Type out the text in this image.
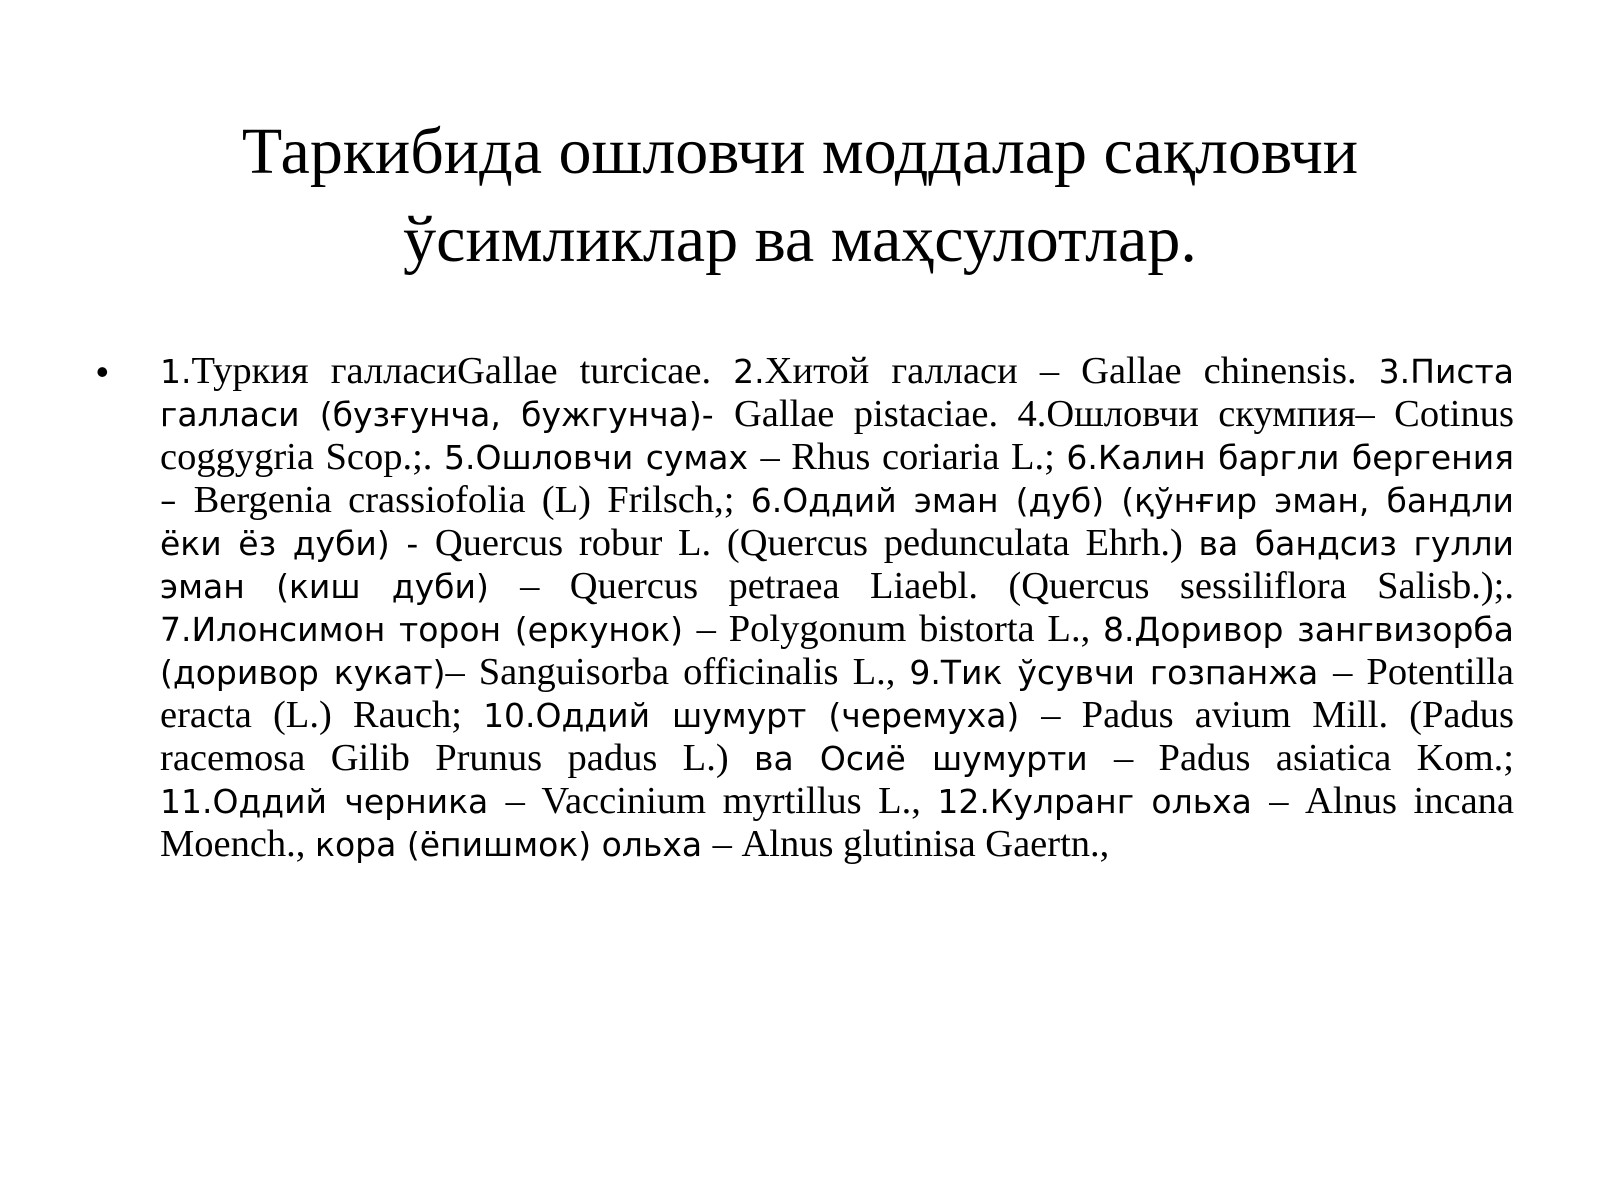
Таркибида ошловчи моддалар сақловчи
ўсимликлар ва маҳсулотлар.
• 1.Туркия галласиGallae turcicae. 2.Хитой галласи – Gallae chinensis. 3.Писта галласи (бузғунча, бужгунча)- Gallae pistaciae. 4.Ошловчи скумпия– Cotinus coggygria Scop.;. 5.Ошловчи сумах – Rhus coriaria L.; 6.Калин баргли бергения – Bergenia crassiofolia (L) Frilsch,; 6.Оддий эман (дуб) (қўнғир эман, бандли ёки ёз дуби) - Quercus robur L. (Quercus pedunculata Ehrh.) ва бандсиз гулли эман (киш дуби) – Quercus petraea Liaebl. (Quercus sessiliflora Salisb.);. 7.Илонсимон торон (еркунок) – Polygonum bistorta L., 8.Доривор зангвизорба (доривор кукат)– Sanguisorba officinalis L., 9.Тик ўсувчи гозпанжа – Potentilla eracta (L.) Rauch; 10.Оддий шумурт (черемуха) – Padus avium Mill. (Padus racemosa Gilib Prunus padus L.) ва Осиё шумурти – Padus asiatica Kom.; 11.Оддий черника – Vaccinium myrtillus L., 12.Кулранг ольха – Alnus incana Moench., кора (ёпишмок) ольха – Alnus glutinisa Gaertn.,
